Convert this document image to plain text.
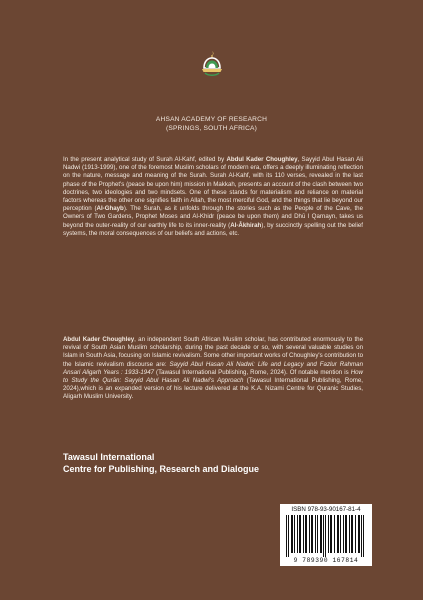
AHSAN ACADEMY OF RESEARCH
(SPRINGS, SOUTH AFRICA)

In the present analytical study of Surah Al-Kahf, edited by Abdul Kader Choughley, Sayyid Abul Hasan Ali Nadwi (1913-1999), one of the foremost Muslim scholars of modern era, offers a deeply illuminating reflection on the nature, message and meaning of the Surah. Surah Al-Kahf, with its 110 verses, revealed in the last phase of the Prophet's (peace be upon him) mission in Makkah, presents an account of the clash between two doctrines, two ideologies and two mindsets. One of these stands for materialism and reliance on material factors whereas the other one signifies faith in Allah, the most merciful God, and the things that lie beyond our perception (Al-Ghayb). The Surah, as it unfolds through the stories such as the People of the Cave, the Owners of Two Gardens, Prophet Moses and Al-Khidr (peace be upon them) and Dhū l Qarnayn, takes us beyond the outer-reality of our earthly life to its inner-reality (Al-Ākhirah), by succinctly spelling out the belief systems, the moral consequences of our beliefs and actions, etc.

Abdul Kader Choughley, an independent South African Muslim scholar, has contributed enormously to the revival of South Asian Muslim scholarship, during the past decade or so, with several valuable studies on Islam in South Asia, focusing on Islamic revivalism. Some other important works of Choughley's contribution to the Islamic revivalism discourse are: Sayyid Abul Hasan Ali Nadwi: Life and Legacy and Fazlur Rahman Ansari Aligarh Years : 1933-1947 (Tawasul International Publishing, Rome, 2024). Of notable mention is How to Study the Qurān: Sayyid Abul Hasan Ali Nadwi's Approach (Tawasul International Publishing, Rome, 2024),which is an expanded version of his lecture delivered at the K.A. Nizami Centre for Quranic Studies, Aligarh Muslim University.

Tawasul International
Centre for Publishing, Research and Dialogue
ISBN 978-93-90167-81-4
9 789390 167814
